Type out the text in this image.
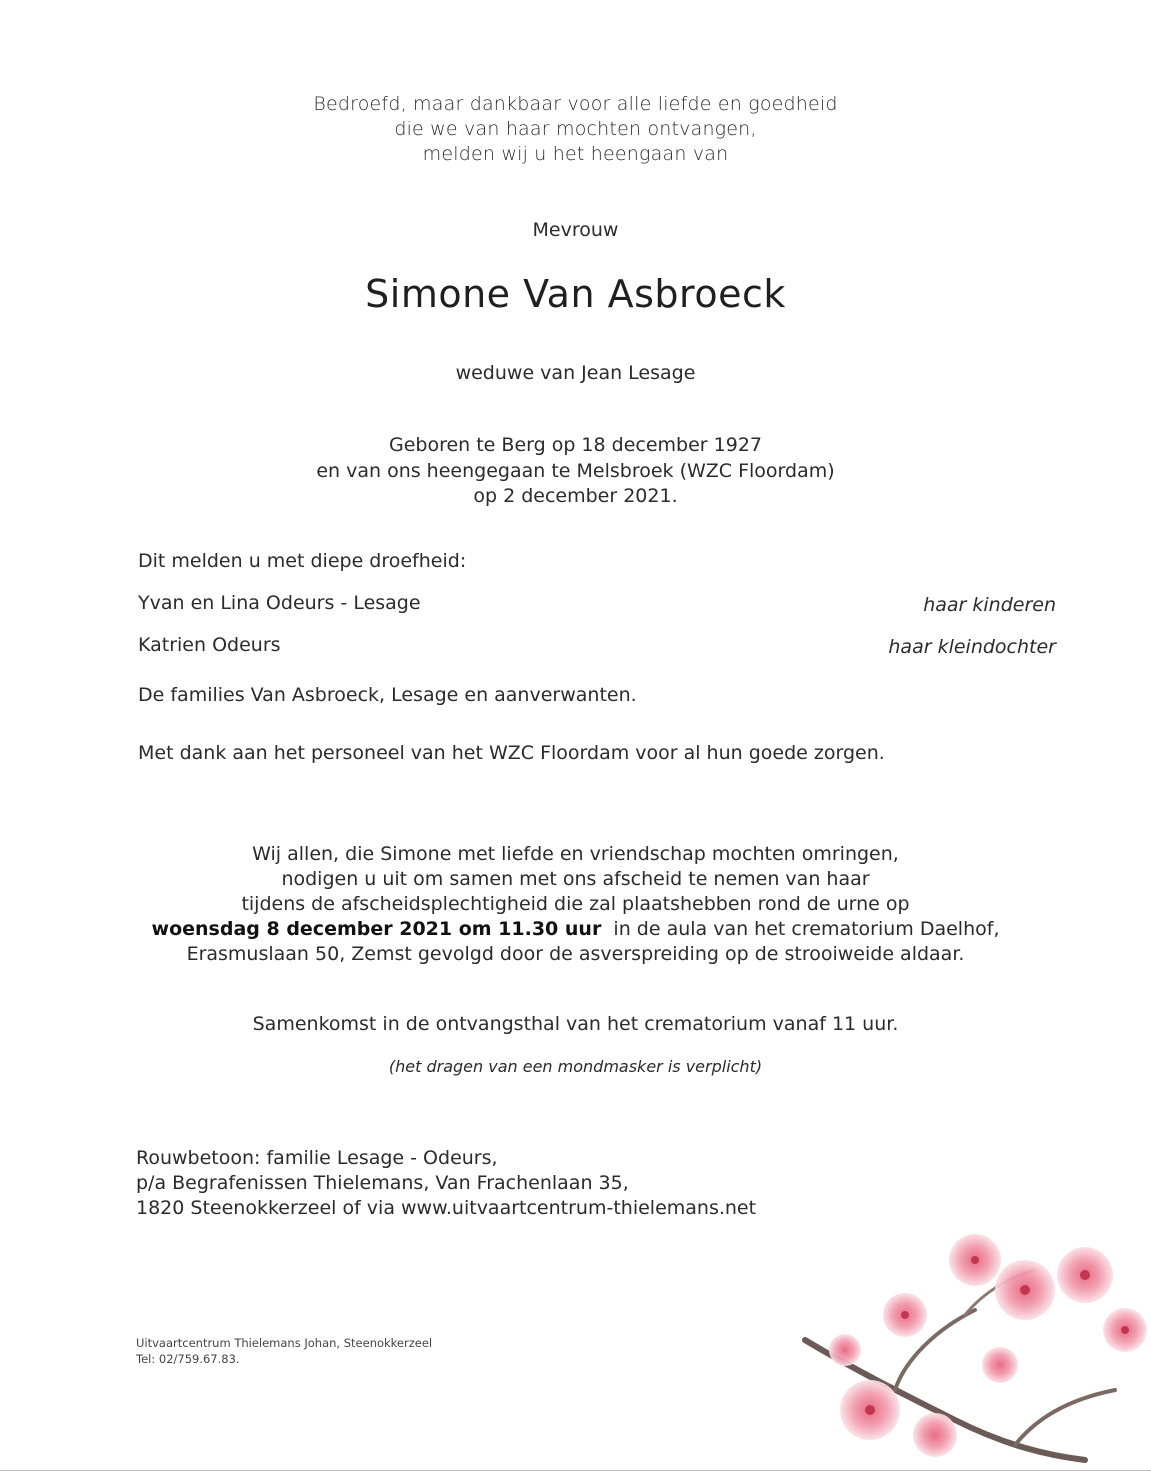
Bedroefd, maar dankbaar voor alle liefde en goedheid
die we van haar mochten ontvangen,
melden wij u het heengaan van
Mevrouw
Simone Van Asbroeck
weduwe van Jean Lesage
Geboren te Berg op 18 december 1927
en van ons heengegaan te Melsbroek (WZC Floordam)
op 2 december 2021.
Dit melden u met diepe droefheid:
Yvan en Lina Odeurs - Lesage	haar kinderen
Katrien Odeurs	haar kleindochter
De families Van Asbroeck, Lesage en aanverwanten.
Met dank aan het personeel van het WZC Floordam voor al hun goede zorgen.
Wij allen, die Simone met liefde en vriendschap mochten omringen,
nodigen u uit om samen met ons afscheid te nemen van haar
tijdens de afscheidsplechtigheid die zal plaatshebben rond de urne op
woensdag 8 december 2021 om 11.30 uur in de aula van het crematorium Daelhof,
Erasmuslaan 50, Zemst gevolgd door de asverspreiding op de strooiweide aldaar.
Samenkomst in de ontvangsthal van het crematorium vanaf 11 uur.
(het dragen van een mondmasker is verplicht)
Rouwbetoon: familie Lesage - Odeurs,
p/a Begrafenissen Thielemans, Van Frachenlaan 35,
1820 Steenokkerzeel of via www.uitvaartcentrum-thielemans.net
Uitvaartcentrum Thielemans Johan, Steenokkerzeel
Tel: 02/759.67.83.
